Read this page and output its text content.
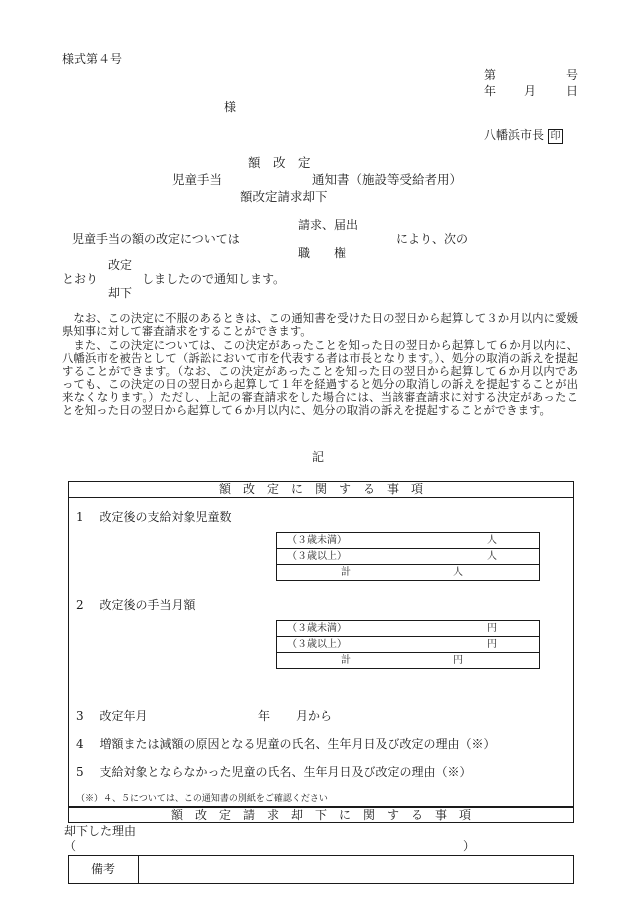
様式第４号
第	号
年 月 日
様
八幡浜市長 印
額　改　定
児童手当	通知書（施設等受給者用）
額改定請求却下
請求、届出
児童手当の額の改定については	により、次の
職　　権
改定
とおり	しましたので通知します。
却下
なお、この決定に不服のあるときは、この通知書を受けた日の翌日から起算して３か月以内に愛媛県知事に対して審査請求をすることができます。
また、この決定については、この決定があったことを知った日の翌日から起算して６か月以内に、八幡浜市を被告として（訴訟において市を代表する者は市長となります。）、処分の取消の訴えを提起することができます。（なお、この決定があったことを知った日の翌日から起算して６か月以内であっても、この決定の日の翌日から起算して１年を経過すると処分の取消しの訴えを提起することが出来なくなります。）ただし、上記の審査請求をした場合には、当該審査請求に対する決定があったことを知った日の翌日から起算して６か月以内に、処分の取消の訴えを提起することができます。
記
額　改　定　に　関　す　る　事　項
1　 改定後の支給対象児童数
（３歳未満）	人
（３歳以上）	人
計	人
2　 改定後の手当月額
（３歳未満）	円
（３歳以上）	円
計	円
3　 改定年月	年 月から
4　 増額または減額の原因となる児童の氏名、生年月日及び改定の理由（※）
5　 支給対象とならなかった児童の氏名、生年月日及び改定の理由（※）
（※）４、５については、この通知書の別紙をご確認ください
額　改　定　請　求　却　下　に　関　す　る　事　項
却下した理由
（	）
備考
